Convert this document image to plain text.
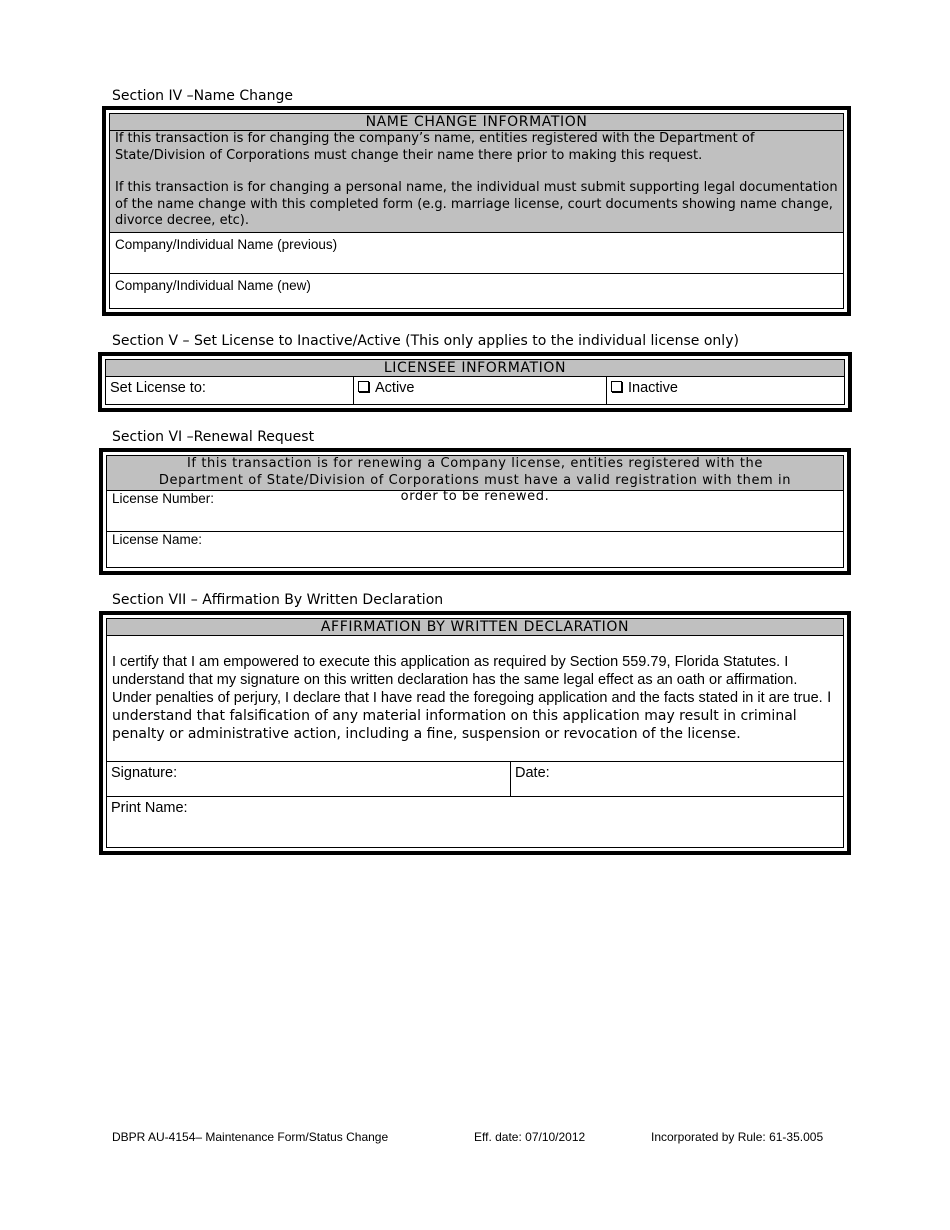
Section IV –Name Change
NAME CHANGE INFORMATION
If this transaction is for changing the company’s name, entities registered with the Department of State/Division of Corporations must change their name there prior to making this request.
If this transaction is for changing a personal name, the individual must submit supporting legal documentation of the name change with this completed form (e.g. marriage license, court documents showing name change, divorce decree, etc).
Company/Individual Name (previous)
Company/Individual Name (new)
Section V – Set License to Inactive/Active (This only applies to the individual license only)
LICENSEE INFORMATION
Set License to:	Active	Inactive
Section VI –Renewal Request
If this transaction is for renewing a Company license, entities registered with the Department of State/Division of Corporations must have a valid registration with them in order to be renewed.
License Number:
License Name:
Section VII – Affirmation By Written Declaration
AFFIRMATION BY WRITTEN DECLARATION
I certify that I am empowered to execute this application as required by Section 559.79, Florida Statutes. I understand that my signature on this written declaration has the same legal effect as an oath or affirmation. Under penalties of perjury, I declare that I have read the foregoing application and the facts stated in it are true. I understand that falsification of any material information on this application may result in criminal penalty or administrative action, including a fine, suspension or revocation of the license.
Signature:	Date:
Print Name:
DBPR AU-4154– Maintenance Form/Status Change	Eff. date: 07/10/2012	Incorporated by Rule: 61-35.005
